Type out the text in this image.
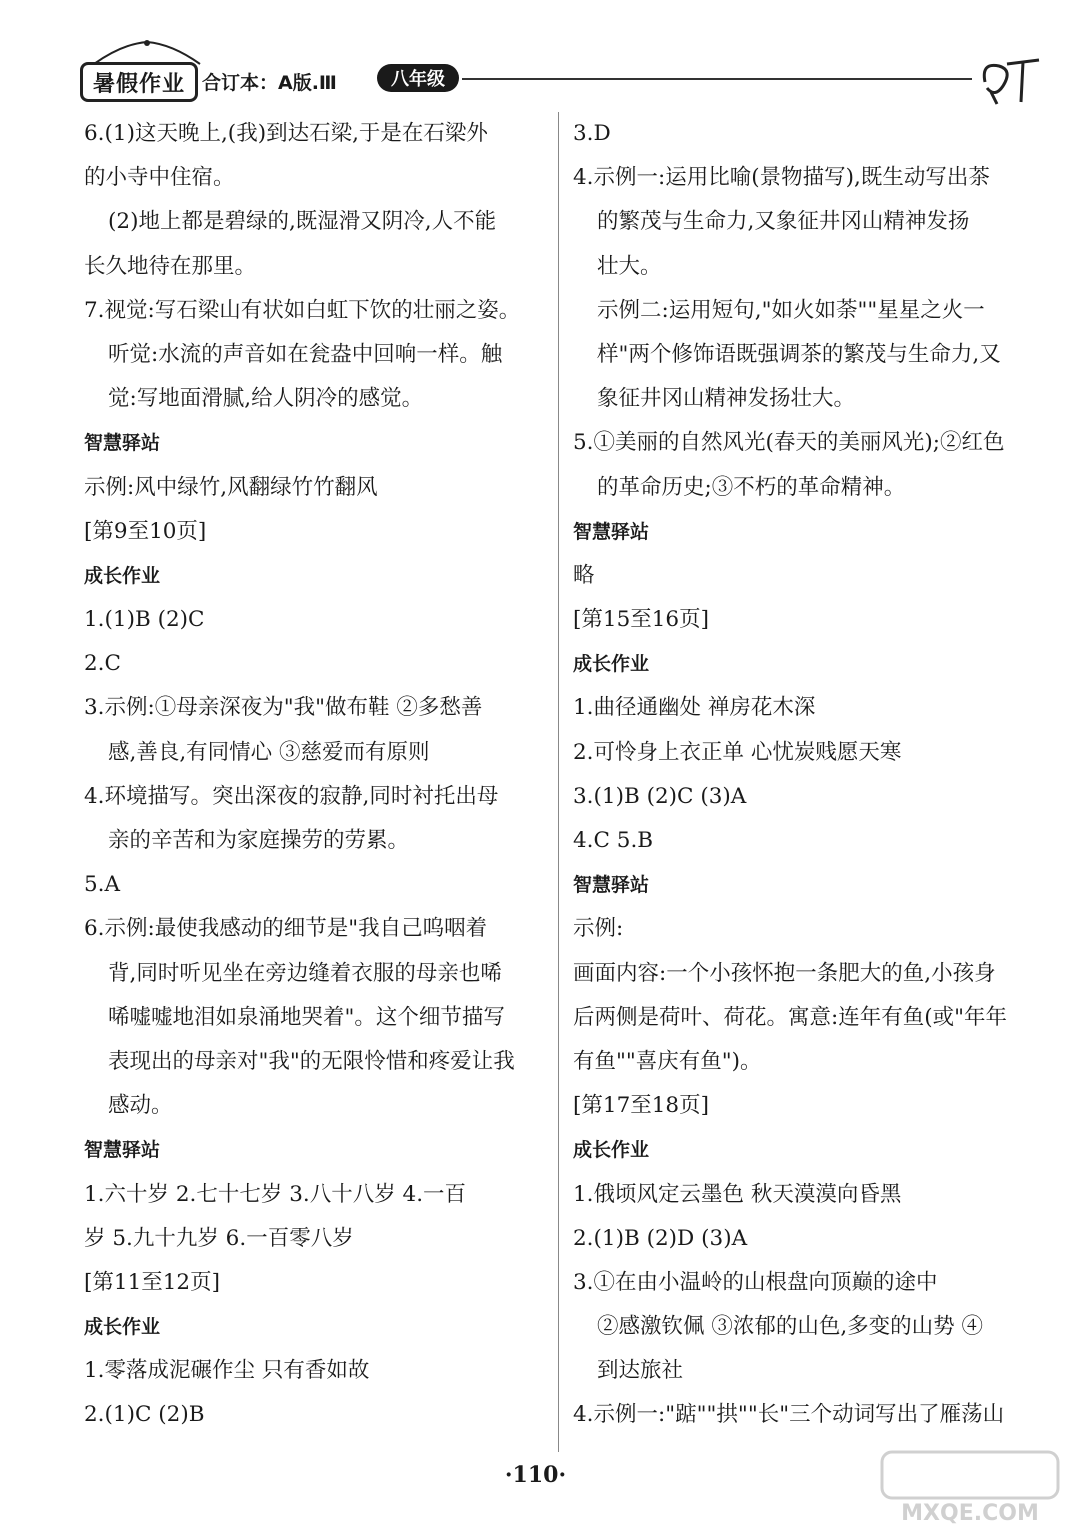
暑假作业 合订本：A版.Ⅲ	八年级
6.(1)这天晚上,(我)到达石梁,于是在石梁外
的小寺中住宿。
(2)地上都是碧绿的,既湿滑又阴冷,人不能
长久地待在那里。
7.视觉:写石梁山有状如白虹下饮的壮丽之姿。
听觉:水流的声音如在瓮盎中回响一样。触
觉:写地面滑腻,给人阴冷的感觉。
智慧驿站
示例:风中绿竹,风翻绿竹竹翻风
[第9至10页]
成长作业
1.(1)B (2)C
2.C
3.示例:①母亲深夜为"我"做布鞋 ②多愁善
感,善良,有同情心 ③慈爱而有原则
4.环境描写。突出深夜的寂静,同时衬托出母
亲的辛苦和为家庭操劳的劳累。
5.A
6.示例:最使我感动的细节是"我自己呜咽着
背,同时听见坐在旁边缝着衣服的母亲也唏
唏嘘嘘地泪如泉涌地哭着"。这个细节描写
表现出的母亲对"我"的无限怜惜和疼爱让我
感动。
智慧驿站
1.六十岁 2.七十七岁 3.八十八岁 4.一百
岁 5.九十九岁 6.一百零八岁
[第11至12页]
成长作业
1.零落成泥碾作尘 只有香如故
2.(1)C (2)B
3.D
4.示例一:运用比喻(景物描写),既生动写出茶
的繁茂与生命力,又象征井冈山精神发扬
壮大。
示例二:运用短句,"如火如荼""星星之火一
样"两个修饰语既强调茶的繁茂与生命力,又
象征井冈山精神发扬壮大。
5.①美丽的自然风光(春天的美丽风光);②红色
的革命历史;③不朽的革命精神。
智慧驿站
略
[第15至16页]
成长作业
1.曲径通幽处 禅房花木深
2.可怜身上衣正单 心忧炭贱愿天寒
3.(1)B (2)C (3)A
4.C 5.B
智慧驿站
示例:
画面内容:一个小孩怀抱一条肥大的鱼,小孩身
后两侧是荷叶、荷花。寓意:连年有鱼(或"年年
有鱼""喜庆有鱼")。
[第17至18页]
成长作业
1.俄顷风定云墨色 秋天漠漠向昏黑
2.(1)B (2)D (3)A
3.①在由小温岭的山根盘向顶巅的途中
②感激钦佩 ③浓郁的山色,多变的山势 ④
到达旅社
4.示例一:"踮""拱""长"三个动词写出了雁荡山
·110·
MXQE.COM
